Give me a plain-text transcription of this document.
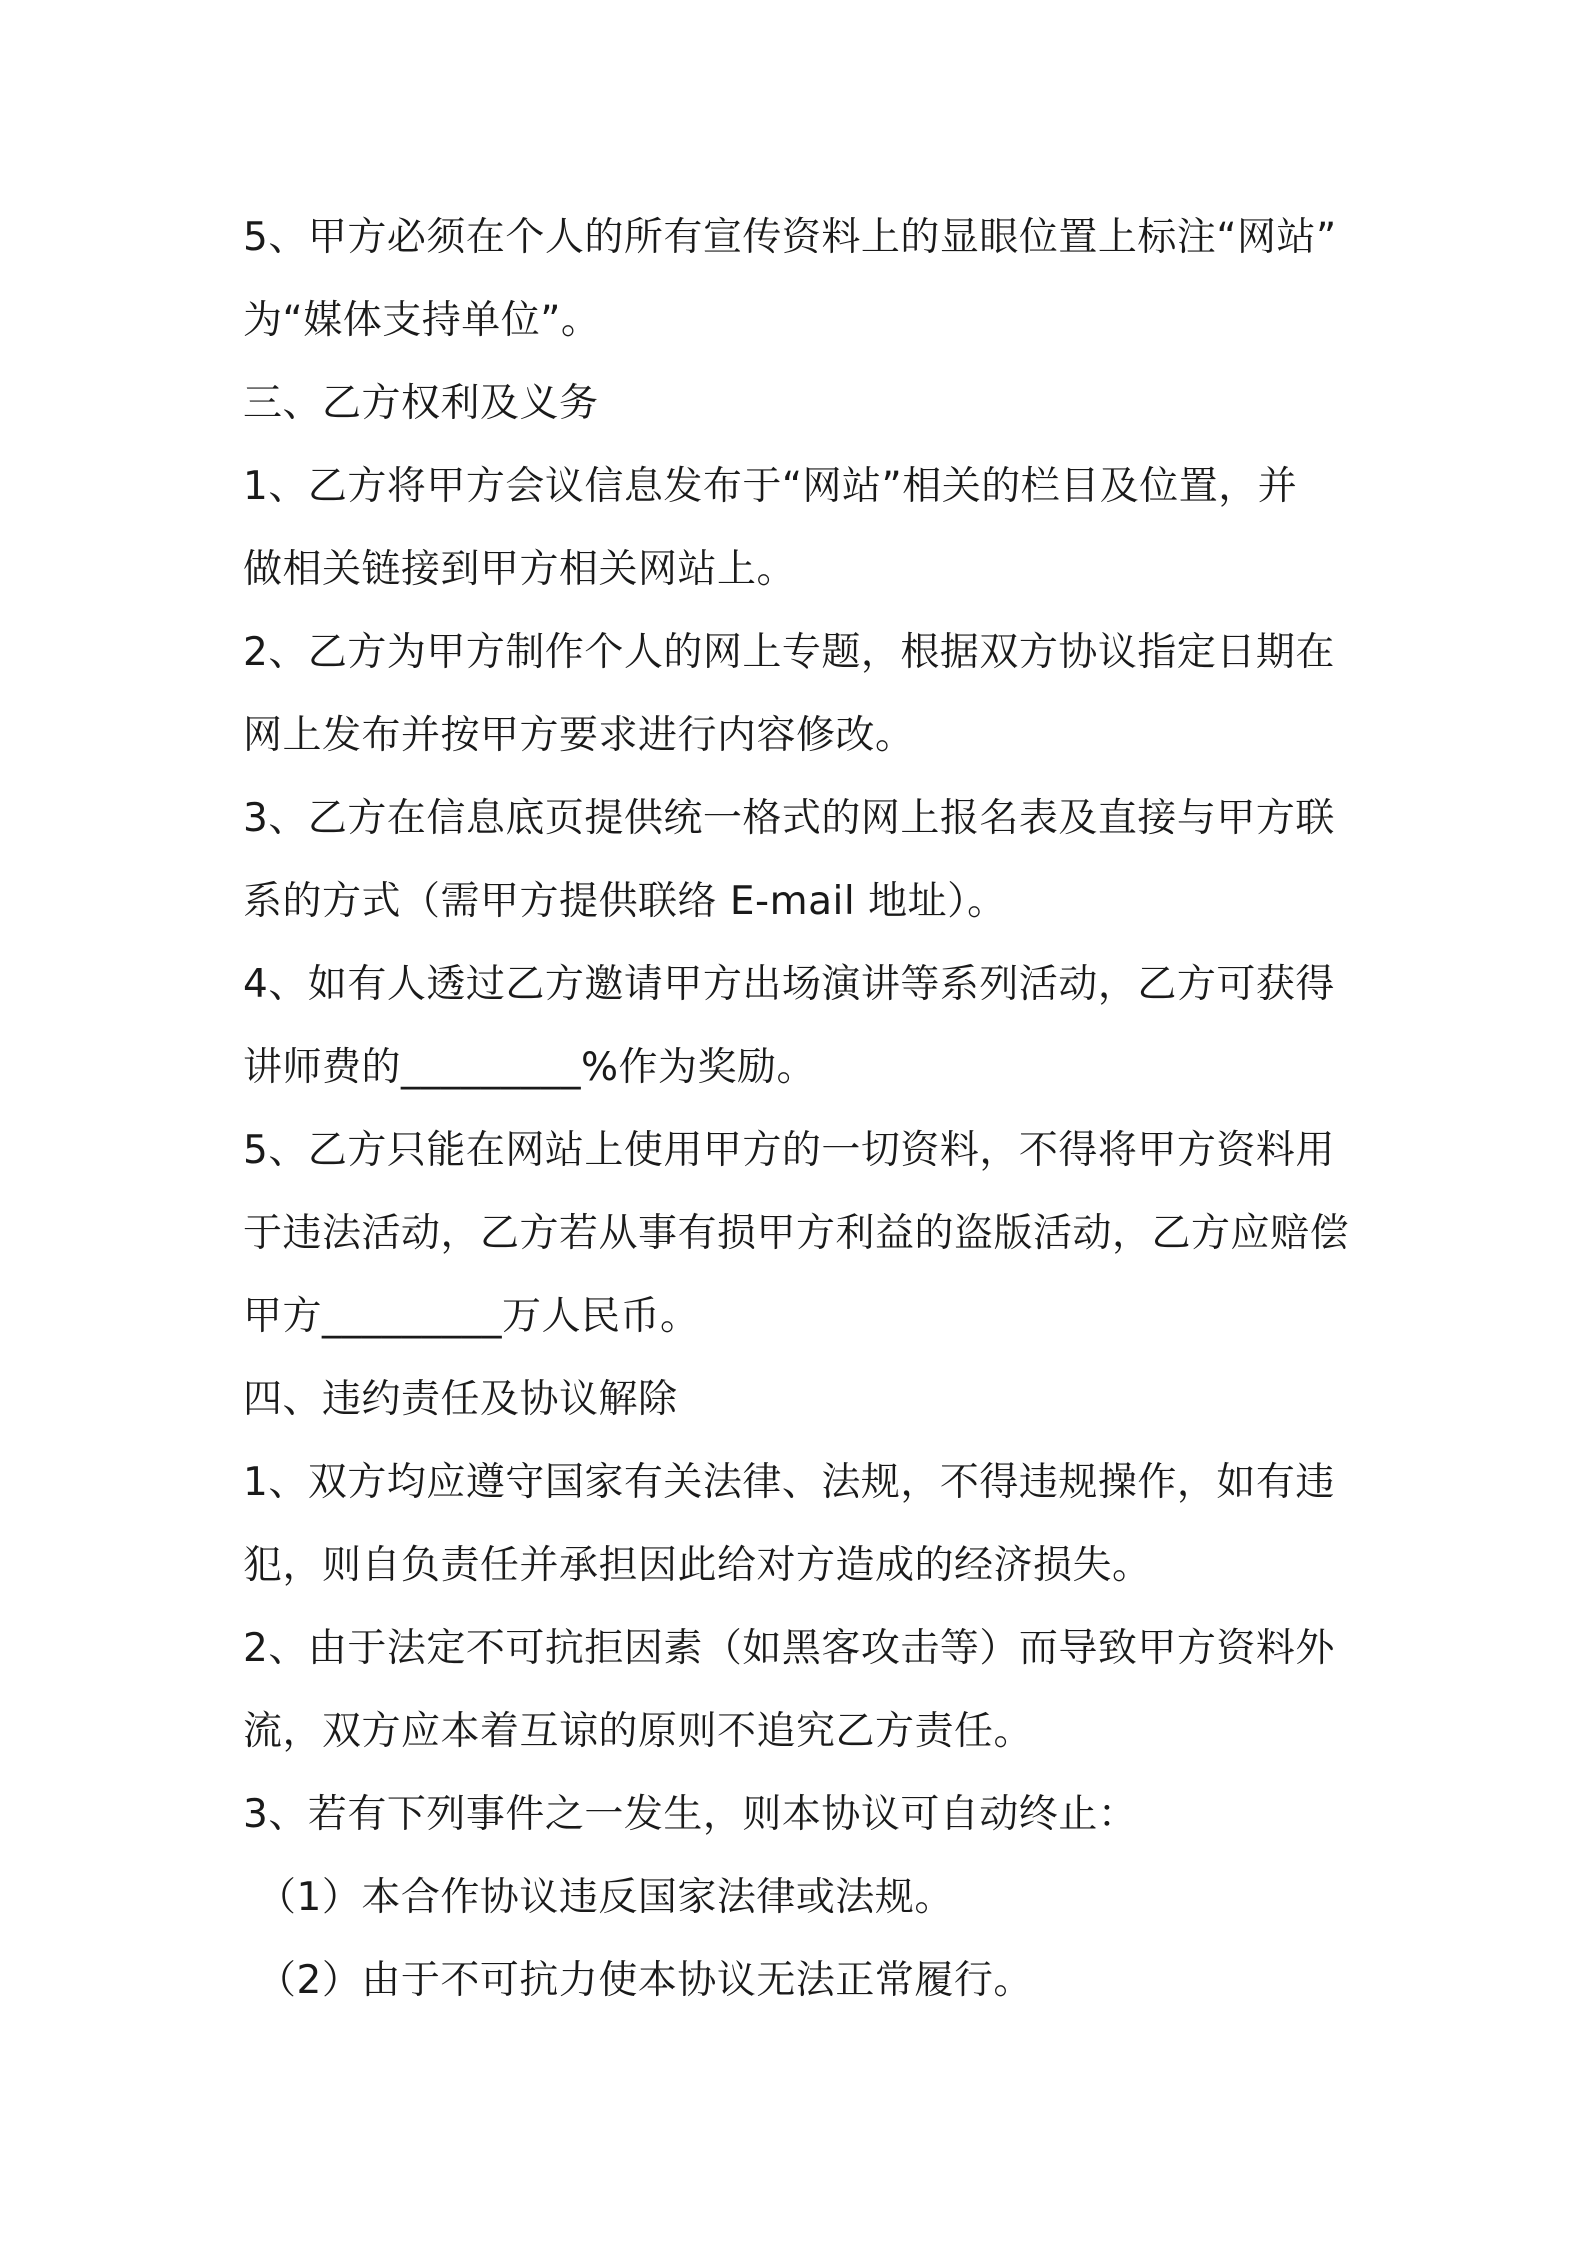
5、甲方必须在个人的所有宣传资料上的显眼位置上标注“网站”
为“媒体支持单位”。
三、乙方权利及义务
1、乙方将甲方会议信息发布于“网站”相关的栏目及位置，并
做相关链接到甲方相关网站上。
2、乙方为甲方制作个人的网上专题，根据双方协议指定日期在
网上发布并按甲方要求进行内容修改。
3、乙方在信息底页提供统一格式的网上报名表及直接与甲方联
系的方式（需甲方提供联络 E-mail 地址）。
4、如有人透过乙方邀请甲方出场演讲等系列活动，乙方可获得
讲师费的_________%作为奖励。
5、乙方只能在网站上使用甲方的一切资料，不得将甲方资料用
于违法活动，乙方若从事有损甲方利益的盗版活动，乙方应赔偿
甲方_________万人民币。
四、违约责任及协议解除
1、双方均应遵守国家有关法律、法规，不得违规操作，如有违
犯，则自负责任并承担因此给对方造成的经济损失。
2、由于法定不可抗拒因素（如黑客攻击等）而导致甲方资料外
流，双方应本着互谅的原则不追究乙方责任。
3、若有下列事件之一发生，则本协议可自动终止：
（1）本合作协议违反国家法律或法规。
（2）由于不可抗力使本协议无法正常履行。
